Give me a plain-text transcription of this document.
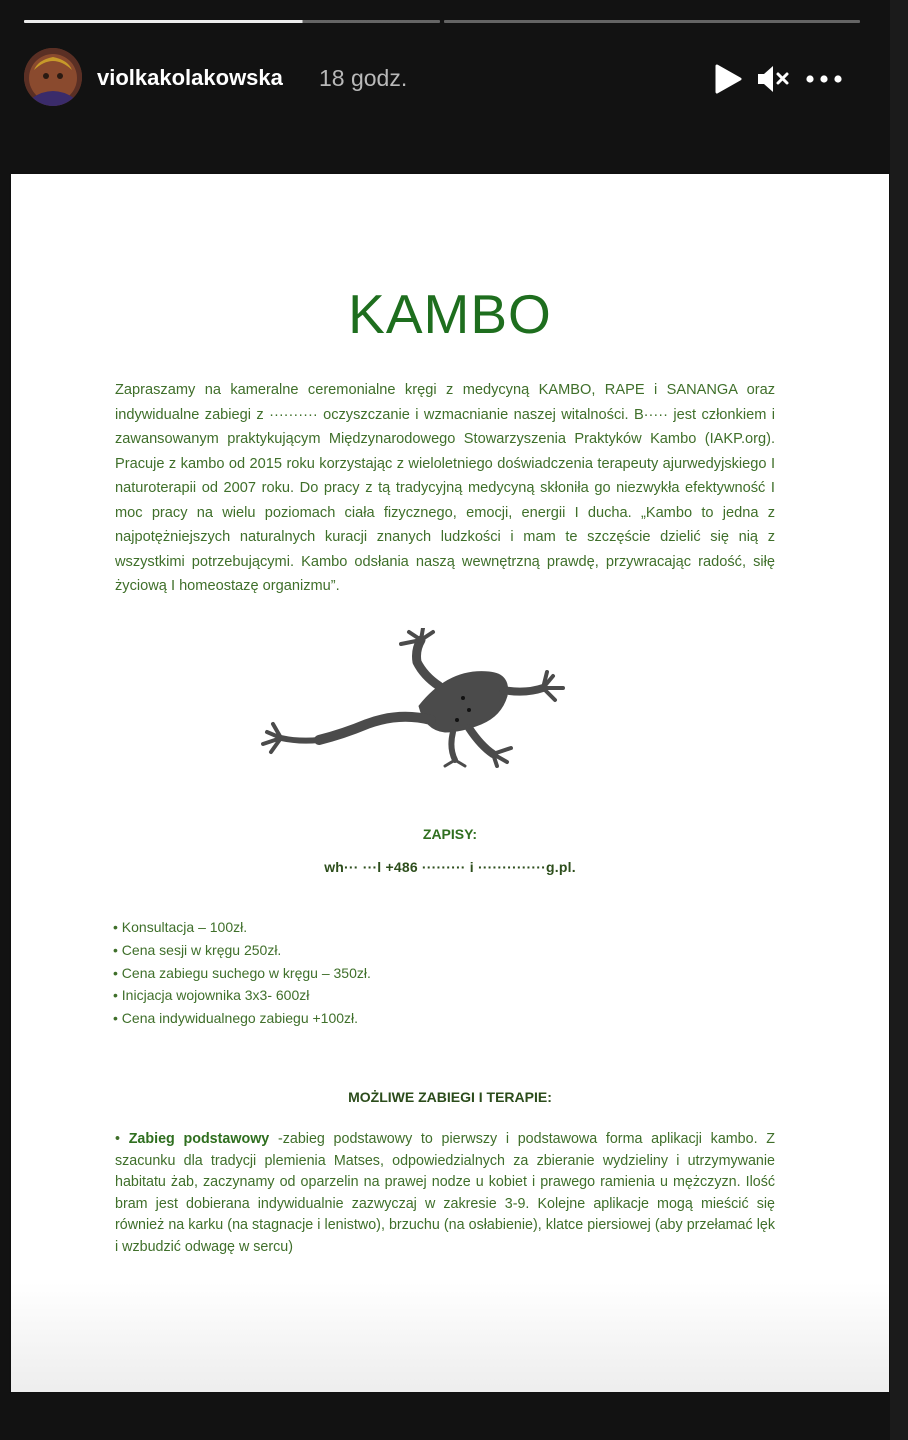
violkakolakowska 18 godz.
KAMBO
Zapraszamy na kameralne ceremonialne kręgi z medycyną KAMBO, RAPE i SANANGA oraz indywidualne zabiegi z ·········· oczyszczanie i wzmacnianie naszej witalności. B····· jest członkiem i zawansowanym praktykującym Międzynarodowego Stowarzyszenia Praktyków Kambo (IAKP.org). Pracuje z kambo od 2015 roku korzystając z wieloletniego doświadczenia terapeuty ajurwedyjskiego I naturoterapii od 2007 roku. Do pracy z tą tradycyjną medycyną skłoniła go niezwykła efektywność I moc pracy na wielu poziomach ciała fizycznego, emocji, energii I ducha. „Kambo to jedna z najpotężniejszych naturalnych kuracji znanych ludzkości i mam te szczęście dzielić się nią z wszystkimi potrzebującymi. Kambo odsłania naszą wewnętrzną prawdę, przywracając radość, siłę życiową I homeostazę organizmu”.
ZAPISY:
wh··· ···l +486 ········· i ··············g.pl.
• Konsultacja – 100zł.
• Cena sesji w kręgu 250zł.
• Cena zabiegu suchego w kręgu – 350zł.
• Inicjacja wojownika 3x3- 600zł
• Cena indywidualnego zabiegu +100zł.
MOŻLIWE ZABIEGI I TERAPIE:
• Zabieg podstawowy -zabieg podstawowy to pierwszy i podstawowa forma aplikacji kambo. Z szacunku dla tradycji plemienia Matses, odpowiedzialnych za zbieranie wydzieliny i utrzymywanie habitatu żab, zaczynamy od oparzelin na prawej nodze u kobiet i prawego ramienia u mężczyzn. Ilość bram jest dobierana indywidualnie zazwyczaj w zakresie 3-9. Kolejne aplikacje mogą mieścić się również na karku (na stagnacje i lenistwo), brzuchu (na osłabienie), klatce piersiowej (aby przełamać lęk i wzbudzić odwagę w sercu)
